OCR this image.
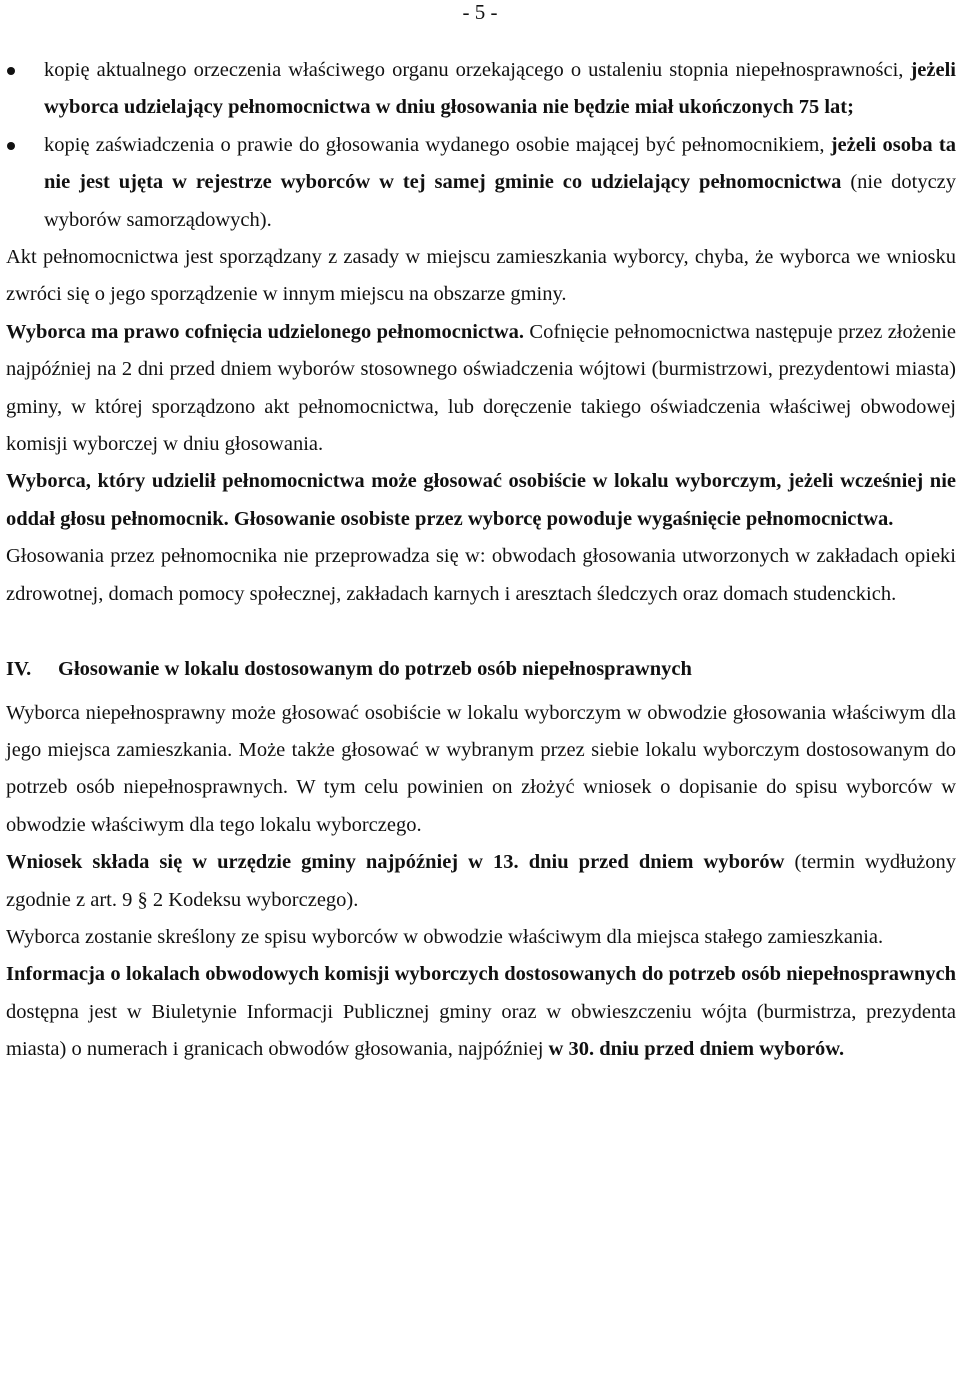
- 5 -
kopię aktualnego orzeczenia właściwego organu orzekającego o ustaleniu stopnia niepełnosprawności, jeżeli wyborca udzielający pełnomocnictwa w dniu głosowania nie będzie miał ukończonych 75 lat;
kopię zaświadczenia o prawie do głosowania wydanego osobie mającej być pełnomocnikiem, jeżeli osoba ta nie jest ujęta w rejestrze wyborców w tej samej gminie co udzielający pełnomocnictwa (nie dotyczy wyborów samorządowych).

Akt pełnomocnictwa jest sporządzany z zasady w miejscu zamieszkania wyborcy, chyba, że wyborca we wniosku zwróci się o jego sporządzenie w innym miejscu na obszarze gminy.

Wyborca ma prawo cofnięcia udzielonego pełnomocnictwa. Cofnięcie pełnomocnictwa następuje przez złożenie najpóźniej na 2 dni przed dniem wyborów stosownego oświadczenia wójtowi (burmistrzowi, prezydentowi miasta) gminy, w której sporządzono akt pełnomocnictwa, lub doręczenie takiego oświadczenia właściwej obwodowej komisji wyborczej w dniu głosowania.

Wyborca, który udzielił pełnomocnictwa może głosować osobiście w lokalu wyborczym, jeżeli wcześniej nie oddał głosu pełnomocnik. Głosowanie osobiste przez wyborcę powoduje wygaśnięcie pełnomocnictwa.

Głosowania przez pełnomocnika nie przeprowadza się w: obwodach głosowania utworzonych w zakładach opieki zdrowotnej, domach pomocy społecznej, zakładach karnych i aresztach śledczych oraz domach studenckich.

IV.	Głosowanie w lokalu dostosowanym do potrzeb osób niepełnosprawnych

Wyborca niepełnosprawny może głosować osobiście w lokalu wyborczym w obwodzie głosowania właściwym dla jego miejsca zamieszkania. Może także głosować w wybranym przez siebie lokalu wyborczym dostosowanym do potrzeb osób niepełnosprawnych. W tym celu powinien on złożyć wniosek o dopisanie do spisu wyborców w obwodzie właściwym dla tego lokalu wyborczego.

Wniosek składa się w urzędzie gminy najpóźniej w 13. dniu przed dniem wyborów (termin wydłużony zgodnie z art. 9 § 2 Kodeksu wyborczego).

Wyborca zostanie skreślony ze spisu wyborców w obwodzie właściwym dla miejsca stałego zamieszkania.

Informacja o lokalach obwodowych komisji wyborczych dostosowanych do potrzeb osób niepełnosprawnych dostępna jest w Biuletynie Informacji Publicznej gminy oraz w obwieszczeniu wójta (burmistrza, prezydenta miasta) o numerach i granicach obwodów głosowania, najpóźniej w 30. dniu przed dniem wyborów.
